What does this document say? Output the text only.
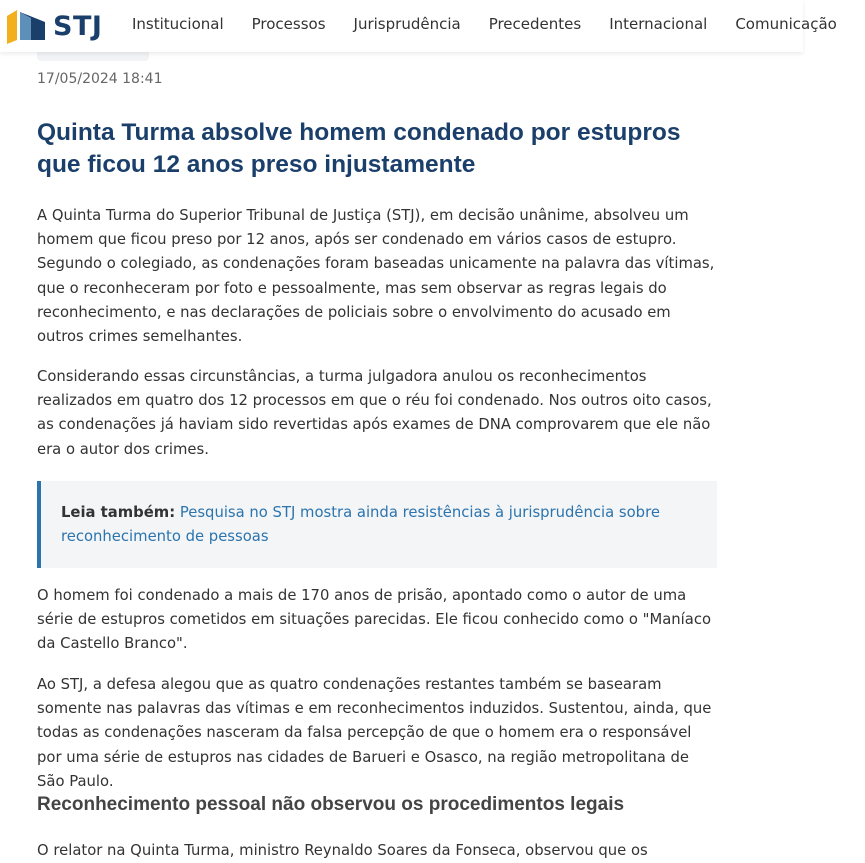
STJ Institucional Processos Jurisprudência Precedentes Internacional Comunicação
17/05/2024 18:41
Quinta Turma absolve homem condenado por estupros que ficou 12 anos preso injustamente

A Quinta Turma do Superior Tribunal de Justiça (STJ), em decisão unânime, absolveu um homem que ficou preso por 12 anos, após ser condenado em vários casos de estupro. Segundo o colegiado, as condenações foram baseadas unicamente na palavra das vítimas, que o reconheceram por foto e pessoalmente, mas sem observar as regras legais do reconhecimento, e nas declarações de policiais sobre o envolvimento do acusado em outros crimes semelhantes.

Considerando essas circunstâncias, a turma julgadora anulou os reconhecimentos realizados em quatro dos 12 processos em que o réu foi condenado. Nos outros oito casos, as condenações já haviam sido revertidas após exames de DNA comprovarem que ele não era o autor dos crimes.

Leia também: Pesquisa no STJ mostra ainda resistências à jurisprudência sobre reconhecimento de pessoas

O homem foi condenado a mais de 170 anos de prisão, apontado como o autor de uma série de estupros cometidos em situações parecidas. Ele ficou conhecido como o "Maníaco da Castello Branco".

Ao STJ, a defesa alegou que as quatro condenações restantes também se basearam somente nas palavras das vítimas e em reconhecimentos induzidos. Sustentou, ainda, que todas as condenações nasceram da falsa percepção de que o homem era o responsável por uma série de estupros nas cidades de Barueri e Osasco, na região metropolitana de São Paulo.

Reconhecimento pessoal não observou os procedimentos legais

O relator na Quinta Turma, ministro Reynaldo Soares da Fonseca, observou que os
